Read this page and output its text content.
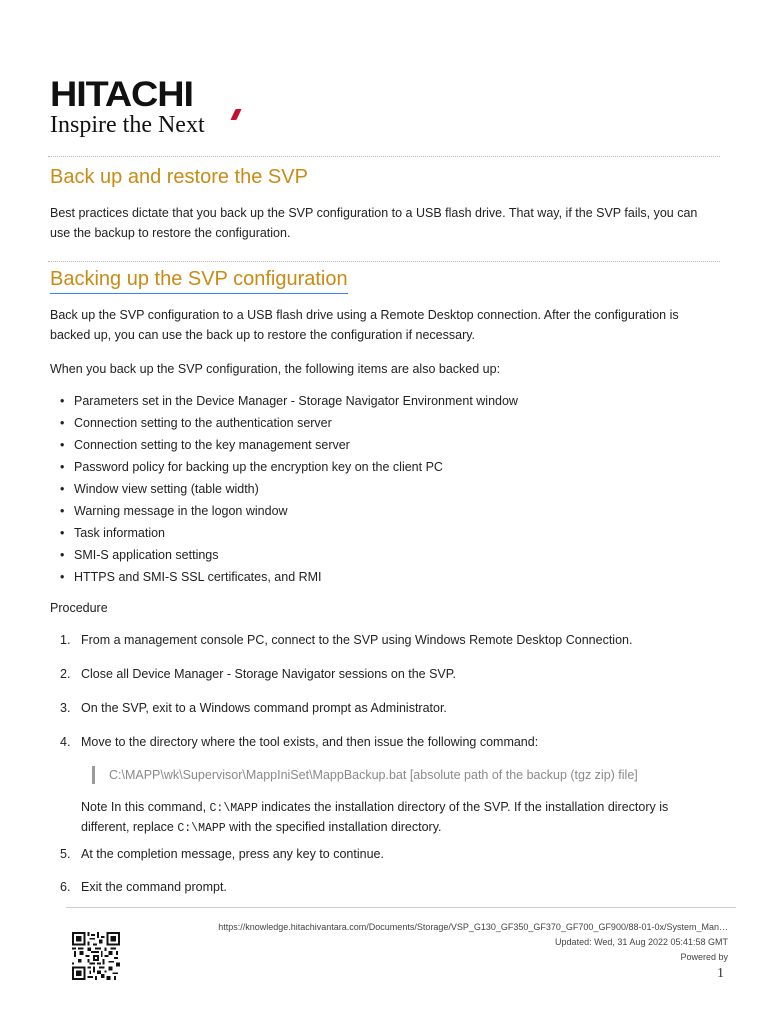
HITACHI
Inspire the Next
Back up and restore the SVP
Best practices dictate that you back up the SVP configuration to a USB flash drive. That way, if the SVP fails, you can use the backup to restore the configuration.
Backing up the SVP configuration
Back up the SVP configuration to a USB flash drive using a Remote Desktop connection. After the configuration is backed up, you can use the back up to restore the configuration if necessary.
When you back up the SVP configuration, the following items are also backed up:
• Parameters set in the Device Manager - Storage Navigator Environment window
• Connection setting to the authentication server
• Connection setting to the key management server
• Password policy for backing up the encryption key on the client PC
• Window view setting (table width)
• Warning message in the logon window
• Task information
• SMI-S application settings
• HTTPS and SMI-S SSL certificates, and RMI
Procedure
1. From a management console PC, connect to the SVP using Windows Remote Desktop Connection.
2. Close all Device Manager - Storage Navigator sessions on the SVP.
3. On the SVP, exit to a Windows command prompt as Administrator.
4. Move to the directory where the tool exists, and then issue the following command:
5. At the completion message, press any key to continue.
6. Exit the command prompt.
C:\MAPP\wk\Supervisor\MappIniSet\MappBackup.bat [absolute path of the backup (tgz zip) file]
Note In this command, C:\MAPP indicates the installation directory of the SVP. If the installation directory is different, replace C:\MAPP with the specified installation directory.
https://knowledge.hitachivantara.com/Documents/Storage/VSP_G130_GF350_GF370_GF700_GF900/88-01-0x/System_Man…
Updated: Wed, 31 Aug 2022 05:41:58 GMT
Powered by
1
